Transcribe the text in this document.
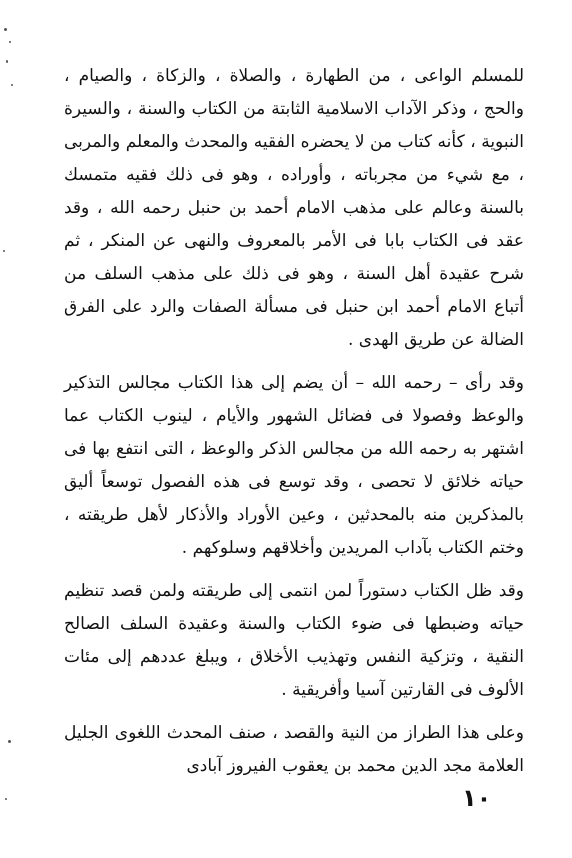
للمسلم الواعى ، من الطهارة ، والصلاة ، والزكاة ، والصيام ، والحج ، وذكر الآداب الاسلامية الثابتة من الكتاب والسنة ، والسيرة النبوية ، كأنه كتاب من لا يحضره الفقيه والمحدث والمعلم والمربى ، مع شيء من مجرباته ، وأوراده ، وهو فى ذلك فقيه متمسك بالسنة وعالم على مذهب الامام أحمد بن حنبل رحمه الله ، وقد عقد فى الكتاب بابا فى الأمر بالمعروف والنهى عن المنكر ، ثم شرح عقيدة أهل السنة ، وهو فى ذلك على مذهب السلف من أتباع الامام أحمد ابن حنبل فى مسألة الصفات والرد على الفرق الضالة عن طريق الهدى .

وقد رأى – رحمه الله – أن يضم إلى هذا الكتاب مجالس التذكير والوعظ وفصولا فى فضائل الشهور والأيام ، لينوب الكتاب عما اشتهر به رحمه الله من مجالس الذكر والوعظ ، التى انتفع بها فى حياته خلائق لا تحصى ، وقد توسع فى هذه الفصول توسعاً أليق بالمذكرين منه بالمحدثين ، وعين الأوراد والأذكار لأهل طريقته ، وختم الكتاب بآداب المريدين وأخلاقهم وسلوكهم .

وقد ظل الكتاب دستوراً لمن انتمى إلى طريقته ولمن قصد تنظيم حياته وضبطها فى ضوء الكتاب والسنة وعقيدة السلف الصالح النقية ، وتزكية النفس وتهذيب الأخلاق ، ويبلغ عددهم إلى مئات الألوف فى القارتين آسيا وأفريقية .

وعلى هذا الطراز من النية والقصد ، صنف المحدث اللغوى الجليل العلامة مجد الدين محمد بن يعقوب الفيروز آبادى

١٠
